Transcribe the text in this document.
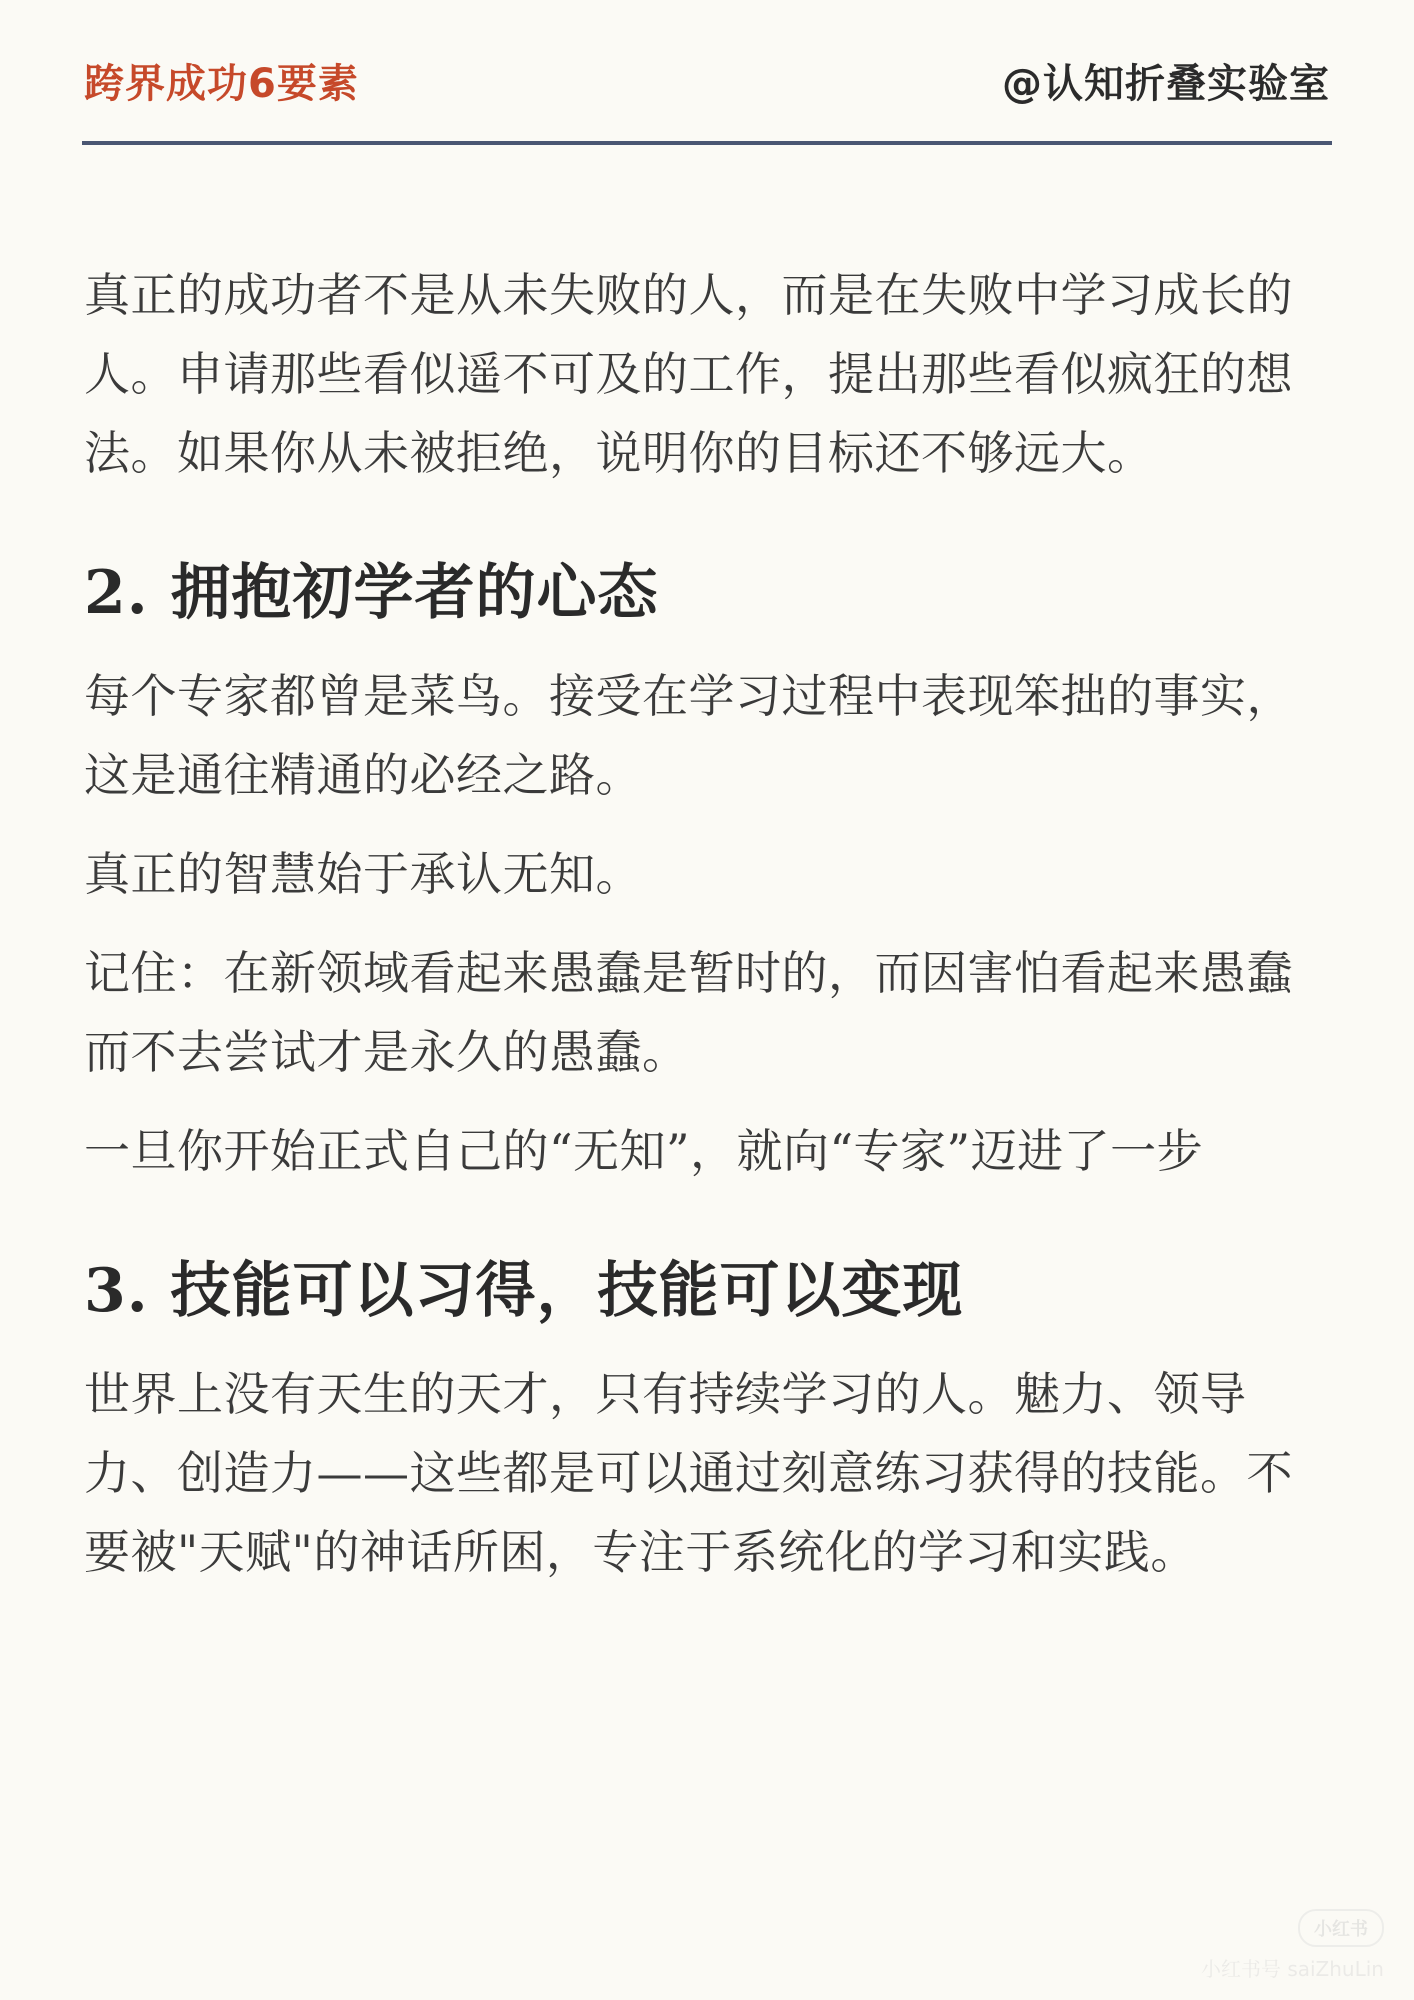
跨界成功6要素	@认知折叠实验室

真正的成功者不是从未失败的人，而是在失败中学习成长的人。申请那些看似遥不可及的工作，提出那些看似疯狂的想法。如果你从未被拒绝，说明你的目标还不够远大。

2. 拥抱初学者的心态

每个专家都曾是菜鸟。接受在学习过程中表现笨拙的事实，这是通往精通的必经之路。

真正的智慧始于承认无知。

记住：在新领域看起来愚蠢是暂时的，而因害怕看起来愚蠢而不去尝试才是永久的愚蠢。

一旦你开始正式自己的“无知”，就向“专家”迈进了一步

3. 技能可以习得，技能可以变现

世界上没有天生的天才，只有持续学习的人。魅力、领导力、创造力——这些都是可以通过刻意练习获得的技能。不要被"天赋"的神话所困，专注于系统化的学习和实践。

小红书
小红书号 saiZhuLin
